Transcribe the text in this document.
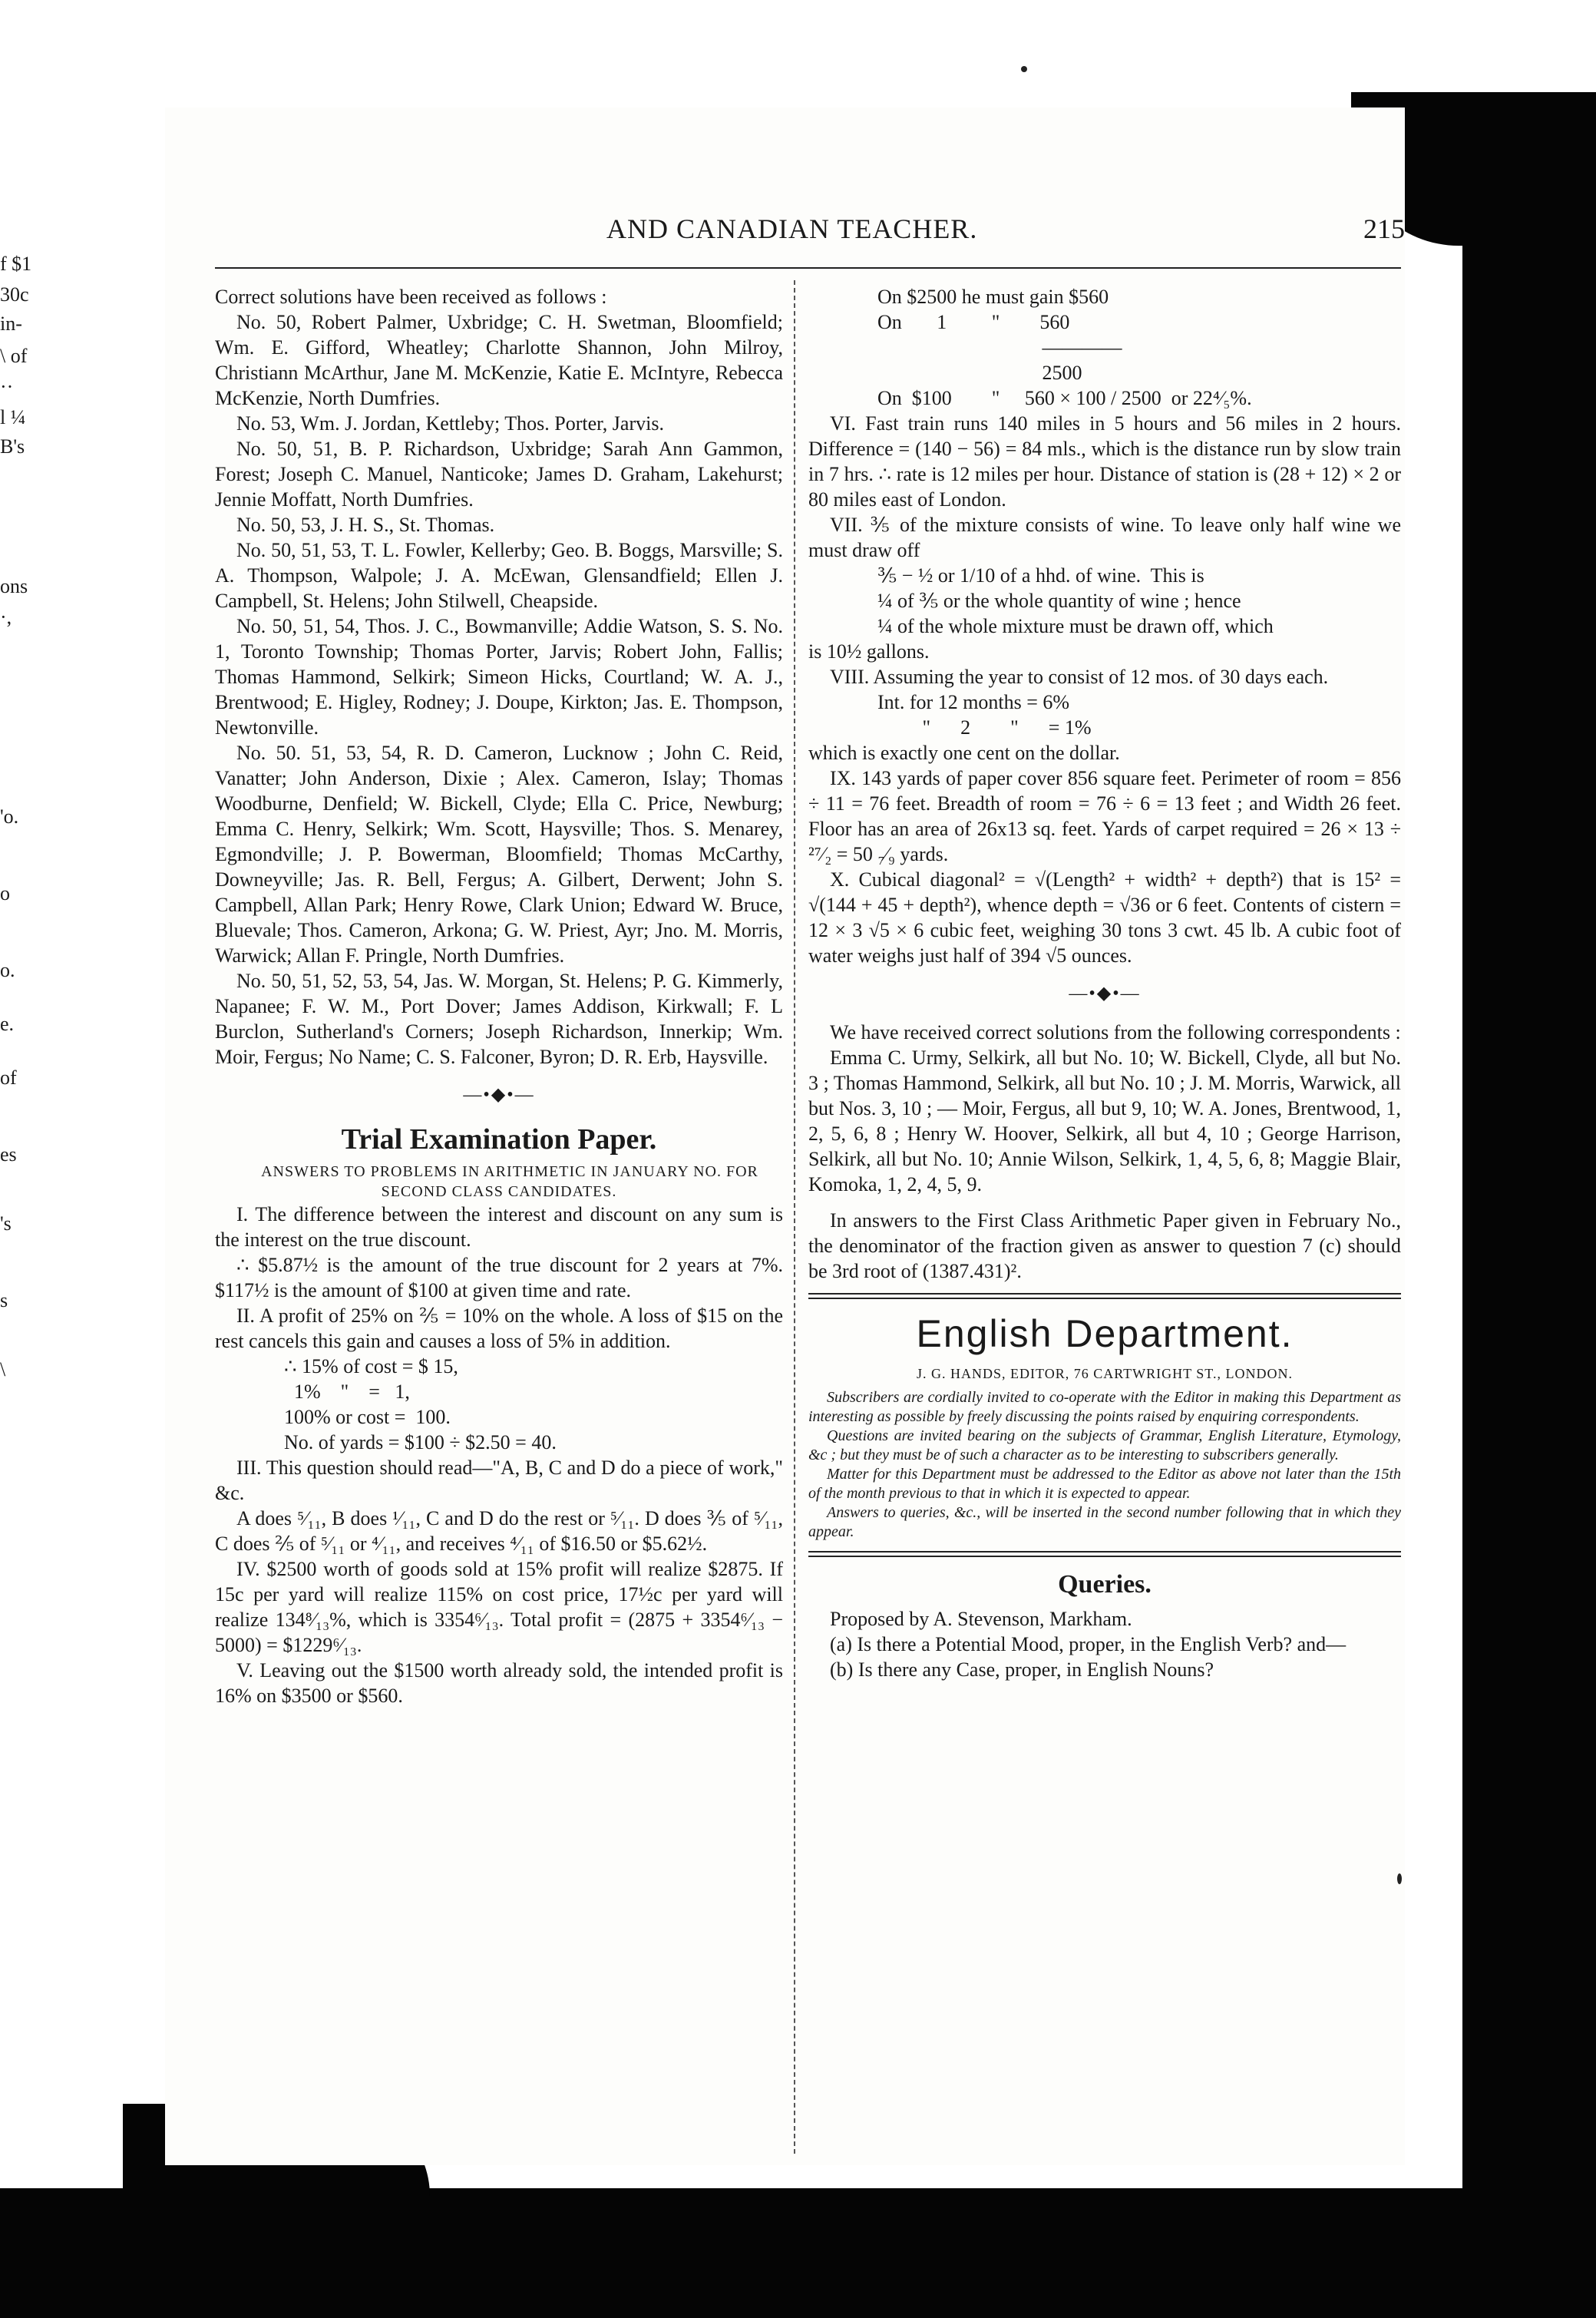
f $1
30c
in-
\ of
··
l ¼
B's
ons
·,
'o.
o
o.
e.
of
es
's
s
\
AND CANADIAN TEACHER.	215

Correct solutions have been received as follows :

No. 50, Robert Palmer, Uxbridge; C. H. Swetman, Bloomfield; Wm. E. Gifford, Wheatley; Charlotte Shannon, John Milroy, Christiann McArthur, Jane M. McKenzie, Katie E. McIntyre, Rebecca McKenzie, North Dumfries.

No. 53, Wm. J. Jordan, Kettleby; Thos. Porter, Jarvis.

No. 50, 51, B. P. Richardson, Uxbridge; Sarah Ann Gammon, Forest; Joseph C. Manuel, Nanticoke; James D. Graham, Lakehurst; Jennie Moffatt, North Dumfries.

No. 50, 53, J. H. S., St. Thomas.

No. 50, 51, 53, T. L. Fowler, Kellerby; Geo. B. Boggs, Marsville; S. A. Thompson, Walpole; J. A. McEwan, Glensandfield; Ellen J. Campbell, St. Helens; John Stilwell, Cheapside.

No. 50, 51, 54, Thos. J. C., Bowmanville; Addie Watson, S. S. No. 1, Toronto Township; Thomas Porter, Jarvis; Robert John, Fallis; Thomas Hammond, Selkirk; Simeon Hicks, Courtland; W. A. J., Brentwood; E. Higley, Rodney; J. Doupe, Kirkton; Jas. E. Thompson, Newtonville.

No. 50. 51, 53, 54, R. D. Cameron, Lucknow ; John C. Reid, Vanatter; John Anderson, Dixie ; Alex. Cameron, Islay; Thomas Woodburne, Denfield; W. Bickell, Clyde; Ella C. Price, Newburg; Emma C. Henry, Selkirk; Wm. Scott, Haysville; Thos. S. Menarey, Egmondville; J. P. Bowerman, Bloomfield; Thomas McCarthy, Downeyville; Jas. R. Bell, Fergus; A. Gilbert, Derwent; John S. Campbell, Allan Park; Henry Rowe, Clark Union; Edward W. Bruce, Bluevale; Thos. Cameron, Arkona; G. W. Priest, Ayr; Jno. M. Morris, Warwick; Allan F. Pringle, North Dumfries.

No. 50, 51, 52, 53, 54, Jas. W. Morgan, St. Helens; P. G. Kimmerly, Napanee; F. W. M., Port Dover; James Addison, Kirkwall; F. L Burclon, Sutherland's Corners; Joseph Richardson, Innerkip; Wm. Moir, Fergus; No Name; C. S. Falconer, Byron; D. R. Erb, Haysville.

—•◆•—
Trial Examination Paper.

ANSWERS TO PROBLEMS IN ARITHMETIC IN JANUARY NO. FOR SECOND CLASS CANDIDATES.

I. The difference between the interest and discount on any sum is the interest on the true discount.

∴ $5.87½ is the amount of the true discount for 2 years at 7%. $117½ is the amount of $100 at given time and rate.

II. A profit of 25% on ⅖ = 10% on the whole. A loss of $15 on the rest cancels this gain and causes a loss of 5% in addition.

∴ 15% of cost = $ 15,

1%    "    =   1,

100% or cost =  100.

No. of yards = $100 ÷ $2.50 = 40.

III. This question should read—"A, B, C and D do a piece of work," &c.

A does ⁵⁄₁₁, B does ¹⁄₁₁, C and D do the rest or ⁵⁄₁₁. D does ⅗ of ⁵⁄₁₁, C does ⅖ of ⁵⁄₁₁ or ⁴⁄₁₁, and receives ⁴⁄₁₁ of $16.50 or $5.62½.

IV. $2500 worth of goods sold at 15% profit will realize $2875. If 15c per yard will realize 115% on cost price, 17½c per yard will realize 134⁸⁄₁₃%, which is 3354⁶⁄₁₃. Total profit = (2875 + 3354⁶⁄₁₃ − 5000) = $1229⁶⁄₁₃.

V. Leaving out the $1500 worth already sold, the intended profit is 16% on $3500 or $560.

On $2500 he must gain $560

On       1         "        560

――――

2500

On  $100        "     560 × 100 / 2500  or 22⁴⁄₅%.

VI. Fast train runs 140 miles in 5 hours and 56 miles in 2 hours. Difference = (140 − 56) = 84 mls., which is the distance run by slow train in 7 hrs. ∴ rate is 12 miles per hour. Distance of station is (28 + 12) × 2 or 80 miles east of London.

VII. ⅗ of the mixture consists of wine. To leave only half wine we must draw off

⅗ − ½ or 1/10 of a hhd. of wine.  This is

¼ of ⅗ or the whole quantity of wine ; hence

¼ of the whole mixture must be drawn off, which

is 10½ gallons.

VIII. Assuming the year to consist of 12 mos. of 30 days each.

Int. for 12 months = 6%

"      2        "      = 1%

which is exactly one cent on the dollar.

IX. 143 yards of paper cover 856 square feet. Perimeter of room = 856 ÷ 11 = 76 feet. Breadth of room = 76 ÷ 6 = 13 feet ; and Width 26 feet. Floor has an area of 26x13 sq. feet. Yards of carpet required = 26 × 13 ÷ ²⁷⁄₂ = 50 ₇⁄₉ yards.

X. Cubical diagonal² = √(Length² + width² + depth²) that is 15² = √(144 + 45 + depth²), whence depth = √36 or 6 feet. Contents of cistern = 12 × 3 √5 × 6 cubic feet, weighing 30 tons 3 cwt. 45 lb. A cubic foot of water weighs just half of 394 √5 ounces.

—•◆•—

We have received correct solutions from the following correspondents :

Emma C. Urmy, Selkirk, all but No. 10; W. Bickell, Clyde, all but No. 3 ; Thomas Hammond, Selkirk, all but No. 10 ; J. M. Morris, Warwick, all but Nos. 3, 10 ; — Moir, Fergus, all but 9, 10; W. A. Jones, Brentwood, 1, 2, 5, 6, 8 ; Henry W. Hoover, Selkirk, all but 4, 10 ; George Harrison, Selkirk, all but No. 10; Annie Wilson, Selkirk, 1, 4, 5, 6, 8; Maggie Blair, Komoka, 1, 2, 4, 5, 9.

In answers to the First Class Arithmetic Paper given in February No., the denominator of the fraction given as answer to question 7 (c) should be 3rd root of (1387.431)².

English Department.
J. G. HANDS, EDITOR, 76 CARTWRIGHT ST., LONDON.

Subscribers are cordially invited to co-operate with the Editor in making this Department as interesting as possible by freely discussing the points raised by enquiring correspondents.

Questions are invited bearing on the subjects of Grammar, English Literature, Etymology, &c ; but they must be of such a character as to be interesting to subscribers generally.

Matter for this Department must be addressed to the Editor as above not later than the 15th of the month previous to that in which it is expected to appear.

Answers to queries, &c., will be inserted in the second number following that in which they appear.

Queries.

Proposed by A. Stevenson, Markham.

(a) Is there a Potential Mood, proper, in the English Verb? and—

(b) Is there any Case, proper, in English Nouns?
